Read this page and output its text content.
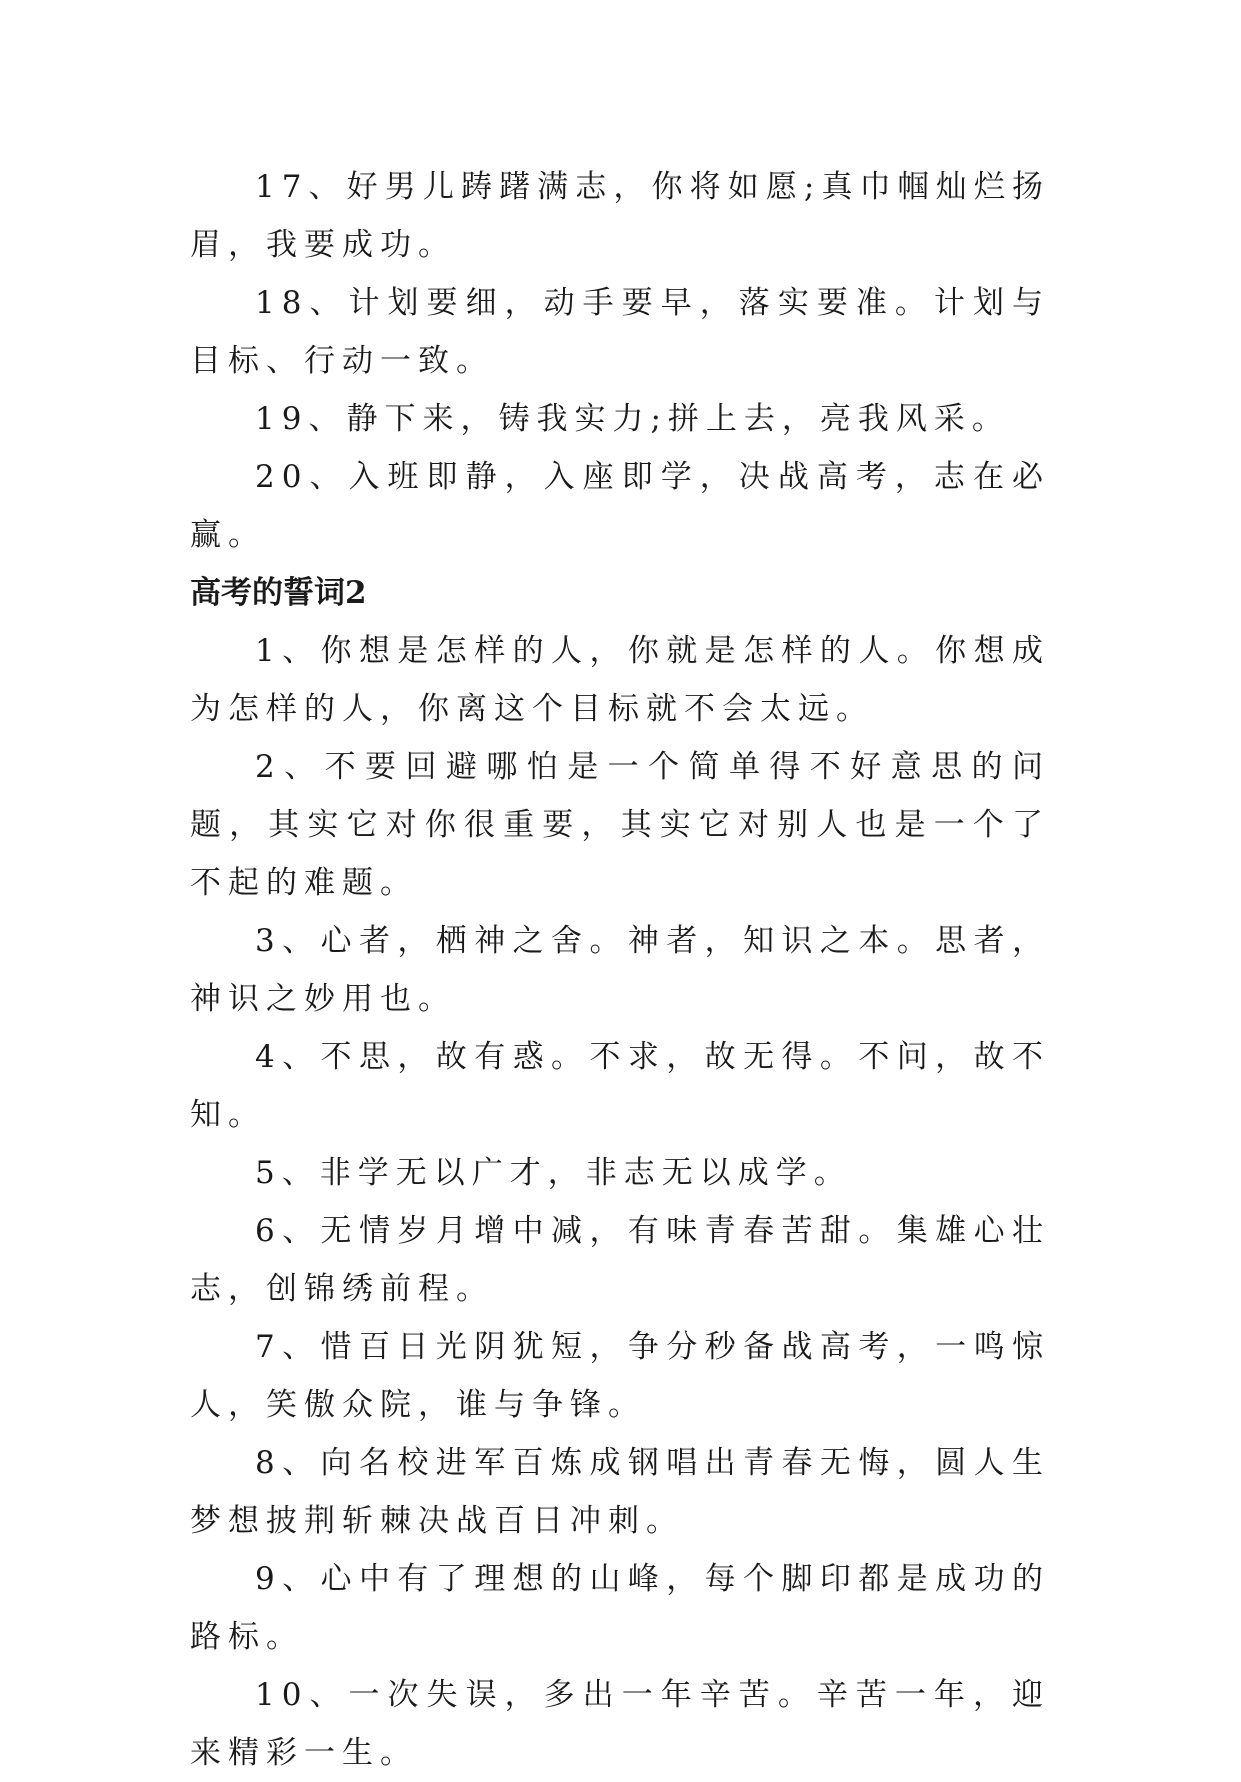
17、好男儿踌躇满志，你将如愿;真巾帼灿烂扬眉，我要成功。

18、计划要细，动手要早，落实要准。计划与目标、行动一致。

19、静下来，铸我实力;拼上去，亮我风采。

20、入班即静，入座即学，决战高考，志在必赢。

高考的誓词2

1、你想是怎样的人，你就是怎样的人。你想成为怎样的人，你离这个目标就不会太远。

2、不要回避哪怕是一个简单得不好意思的问题，其实它对你很重要，其实它对别人也是一个了不起的难题。

3、心者，栖神之舍。神者，知识之本。思者，神识之妙用也。

4、不思，故有惑。不求，故无得。不问，故不知。

5、非学无以广才，非志无以成学。

6、无情岁月增中减，有味青春苦甜。集雄心壮志，创锦绣前程。

7、惜百日光阴犹短，争分秒备战高考，一鸣惊人，笑傲众院，谁与争锋。

8、向名校进军百炼成钢唱出青春无悔，圆人生梦想披荆斩棘决战百日冲刺。

9、心中有了理想的山峰，每个脚印都是成功的路标。

10、一次失误，多出一年辛苦。辛苦一年，迎来精彩一生。
